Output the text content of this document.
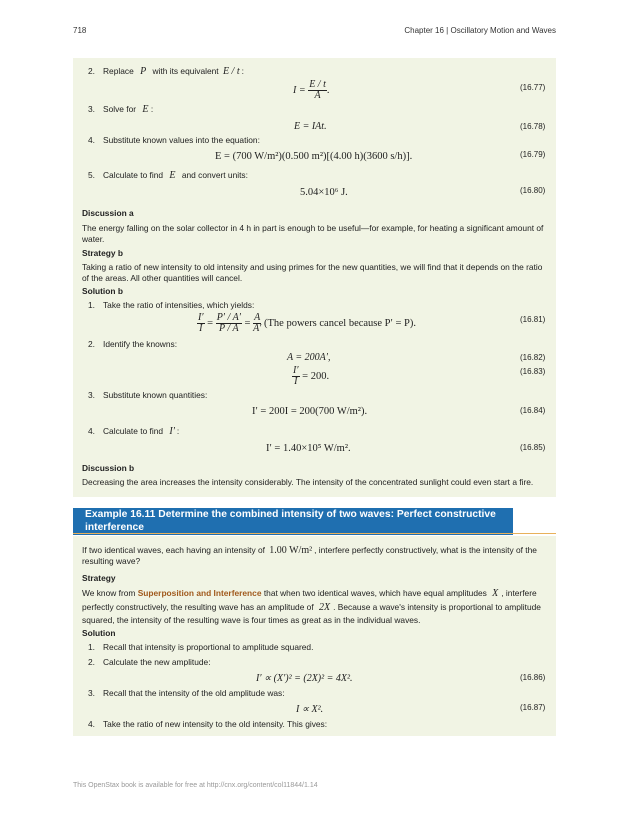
718	Chapter 16 | Oscillatory Motion and Waves
2. Replace P with its equivalent E / t :
$I = \frac{E / t}{A}$ .	(16.77)
3. Solve for E :
E = IAt.	(16.78)
4. Substitute known values into the equation:
E = (700 W/m²)(0.500 m²)[(4.00 h)(3600 s/h)].	(16.79)
5. Calculate to find E and convert units:
5.04×10⁶ J.	(16.80)
Discussion a
The energy falling on the solar collector in 4 h in part is enough to be useful—for example, for heating a significant amount of water.
Strategy b
Taking a ratio of new intensity to old intensity and using primes for the new quantities, we will find that it depends on the ratio of the areas. All other quantities will cancel.
Solution b
1. Take the ratio of intensities, which yields:
$\frac{I'}{I} = \frac{P' / A'}{P / A} = \frac{A}{A'} (The$ powers cancel because P′ = P).	(16.81)
2. Identify the knowns:
A = 200A′,	(16.82)
$\frac{I'}{I} = 200$.	(16.83)
3. Substitute known quantities:
I′ = 200I = 200(700 W/m²).	(16.84)
4. Calculate to find I′ :
I′ = 1.40×10⁵ W/m².	(16.85)
Discussion b
Decreasing the area increases the intensity considerably. The intensity of the concentrated sunlight could even start a fire.
Example 16.11 Determine the combined intensity of two waves: Perfect constructive interference
If two identical waves, each having an intensity of 1.00 W/m² , interfere perfectly constructively, what is the intensity of the resulting wave?
Strategy
We know from Superposition and Interference that when two identical waves, which have equal amplitudes X , interfere perfectly constructively, the resulting wave has an amplitude of 2X . Because a wave's intensity is proportional to amplitude squared, the intensity of the resulting wave is four times as great as in the individual waves.
Solution
1. Recall that intensity is proportional to amplitude squared.
2. Calculate the new amplitude:
I′ ∝ (X′)² = (2X)² = 4X².	(16.86)
3. Recall that the intensity of the old amplitude was:
I ∝ X².	(16.87)
4. Take the ratio of new intensity to the old intensity. This gives:
This OpenStax book is available for free at http://cnx.org/content/col11844/1.14
